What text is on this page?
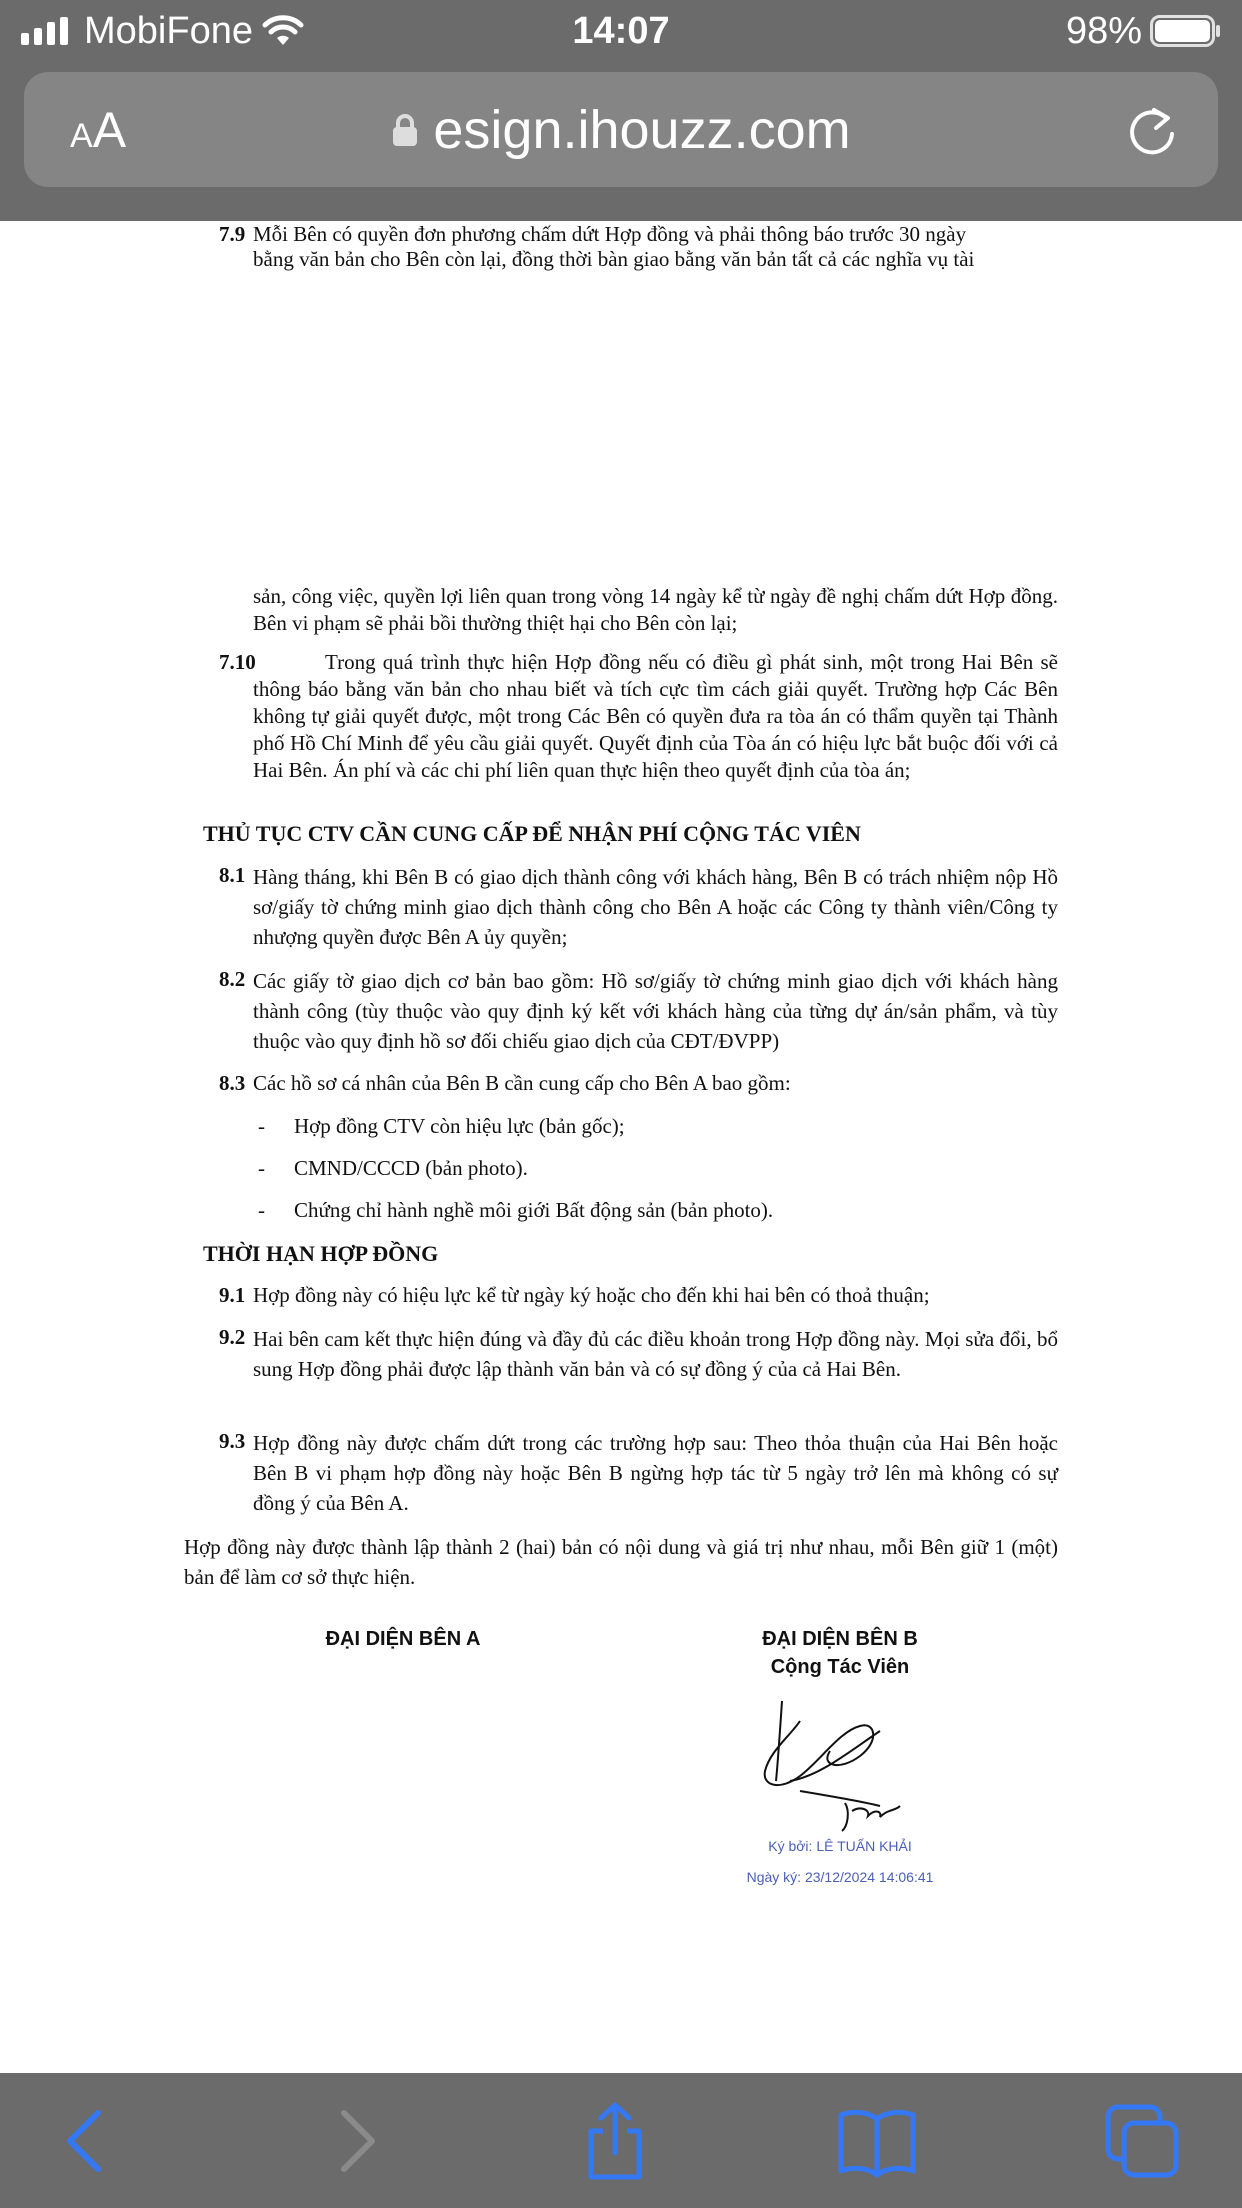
MobiFone	14:07	98%
AA	esign.ihouzz.com
7.9 Mỗi Bên có quyền đơn phương chấm dứt Hợp đồng và phải thông báo trước 30 ngày
bằng văn bản cho Bên còn lại, đồng thời bàn giao bằng văn bản tất cả các nghĩa vụ tài
sản, công việc, quyền lợi liên quan trong vòng 14 ngày kể từ ngày đề nghị chấm dứt Hợp đồng. Bên vi phạm sẽ phải bồi thường thiệt hại cho Bên còn lại;
7.10	Trong quá trình thực hiện Hợp đồng nếu có điều gì phát sinh, một trong Hai Bên sẽ thông báo bằng văn bản cho nhau biết và tích cực tìm cách giải quyết. Trường hợp Các Bên không tự giải quyết được, một trong Các Bên có quyền đưa ra tòa án có thẩm quyền tại Thành phố Hồ Chí Minh để yêu cầu giải quyết. Quyết định của Tòa án có hiệu lực bắt buộc đối với cả Hai Bên. Án phí và các chi phí liên quan thực hiện theo quyết định của tòa án;
THỦ TỤC CTV CẦN CUNG CẤP ĐỂ NHẬN PHÍ CỘNG TÁC VIÊN
8.1 Hàng tháng, khi Bên B có giao dịch thành công với khách hàng, Bên B có trách nhiệm nộp Hồ sơ/giấy tờ chứng minh giao dịch thành công cho Bên A hoặc các Công ty thành viên/Công ty nhượng quyền được Bên A ủy quyền;
8.2 Các giấy tờ giao dịch cơ bản bao gồm: Hồ sơ/giấy tờ chứng minh giao dịch với khách hàng thành công (tùy thuộc vào quy định ký kết với khách hàng của từng dự án/sản phẩm, và tùy thuộc vào quy định hồ sơ đối chiếu giao dịch của CĐT/ĐVPP)
8.3 Các hồ sơ cá nhân của Bên B cần cung cấp cho Bên A bao gồm:
- Hợp đồng CTV còn hiệu lực (bản gốc);
- CMND/CCCD (bản photo).
- Chứng chỉ hành nghề môi giới Bất động sản (bản photo).
THỜI HẠN HỢP ĐỒNG
9.1 Hợp đồng này có hiệu lực kể từ ngày ký hoặc cho đến khi hai bên có thoả thuận;
9.2 Hai bên cam kết thực hiện đúng và đầy đủ các điều khoản trong Hợp đồng này. Mọi sửa đổi, bổ sung Hợp đồng phải được lập thành văn bản và có sự đồng ý của cả Hai Bên.
9.3 Hợp đồng này được chấm dứt trong các trường hợp sau: Theo thỏa thuận của Hai Bên hoặc Bên B vi phạm hợp đồng này hoặc Bên B ngừng hợp tác từ 5 ngày trở lên mà không có sự đồng ý của Bên A.
Hợp đồng này được thành lập thành 2 (hai) bản có nội dung và giá trị như nhau, mỗi Bên giữ 1 (một) bản để làm cơ sở thực hiện.
ĐẠI DIỆN BÊN A	ĐẠI DIỆN BÊN B
Cộng Tác Viên
Ký bởi: LÊ TUẤN KHẢI
Ngày ký: 23/12/2024 14:06:41
